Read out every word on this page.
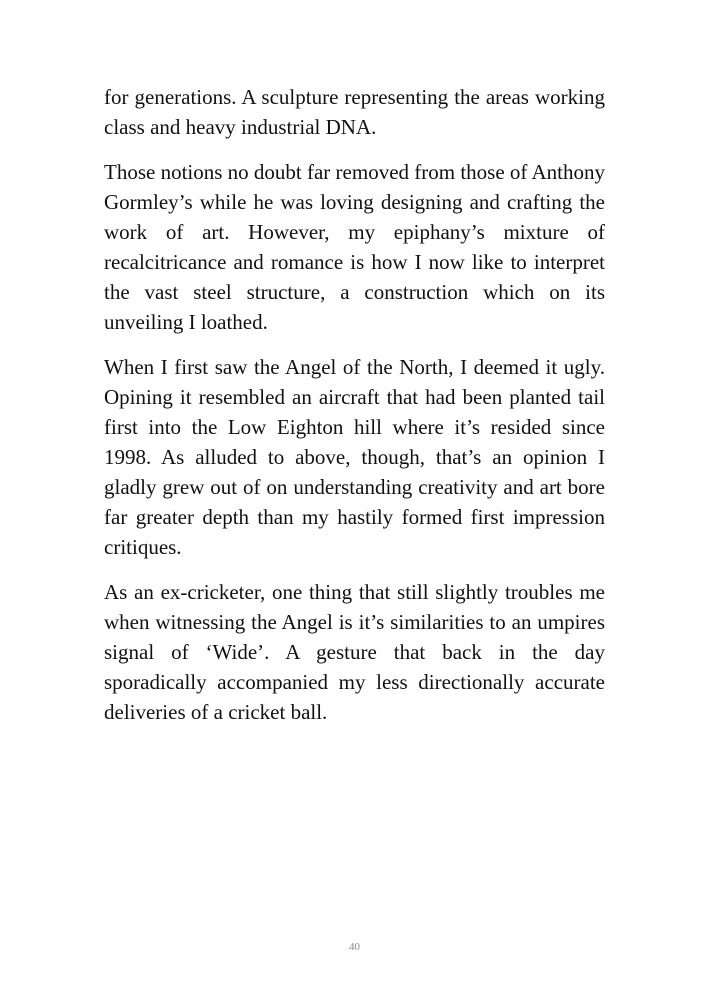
for generations. A sculpture representing the areas working class and heavy industrial DNA.

Those notions no doubt far removed from those of Anthony Gormley’s while he was loving designing and crafting the work of art. However, my epiphany’s mixture of recalcitricance and romance is how I now like to interpret the vast steel structure, a construction which on its unveiling I loathed.

When I first saw the Angel of the North, I deemed it ugly. Opining it resembled an aircraft that had been planted tail first into the Low Eighton hill where it’s resided since 1998. As alluded to above, though, that’s an opinion I gladly grew out of on understanding creativity and art bore far greater depth than my hastily formed first impression critiques.

As an ex-cricketer, one thing that still slightly troubles me when witnessing the Angel is it’s similarities to an umpires signal of ‘Wide’. A gesture that back in the day sporadically accompanied my less directionally accurate deliveries of a cricket ball.

40
